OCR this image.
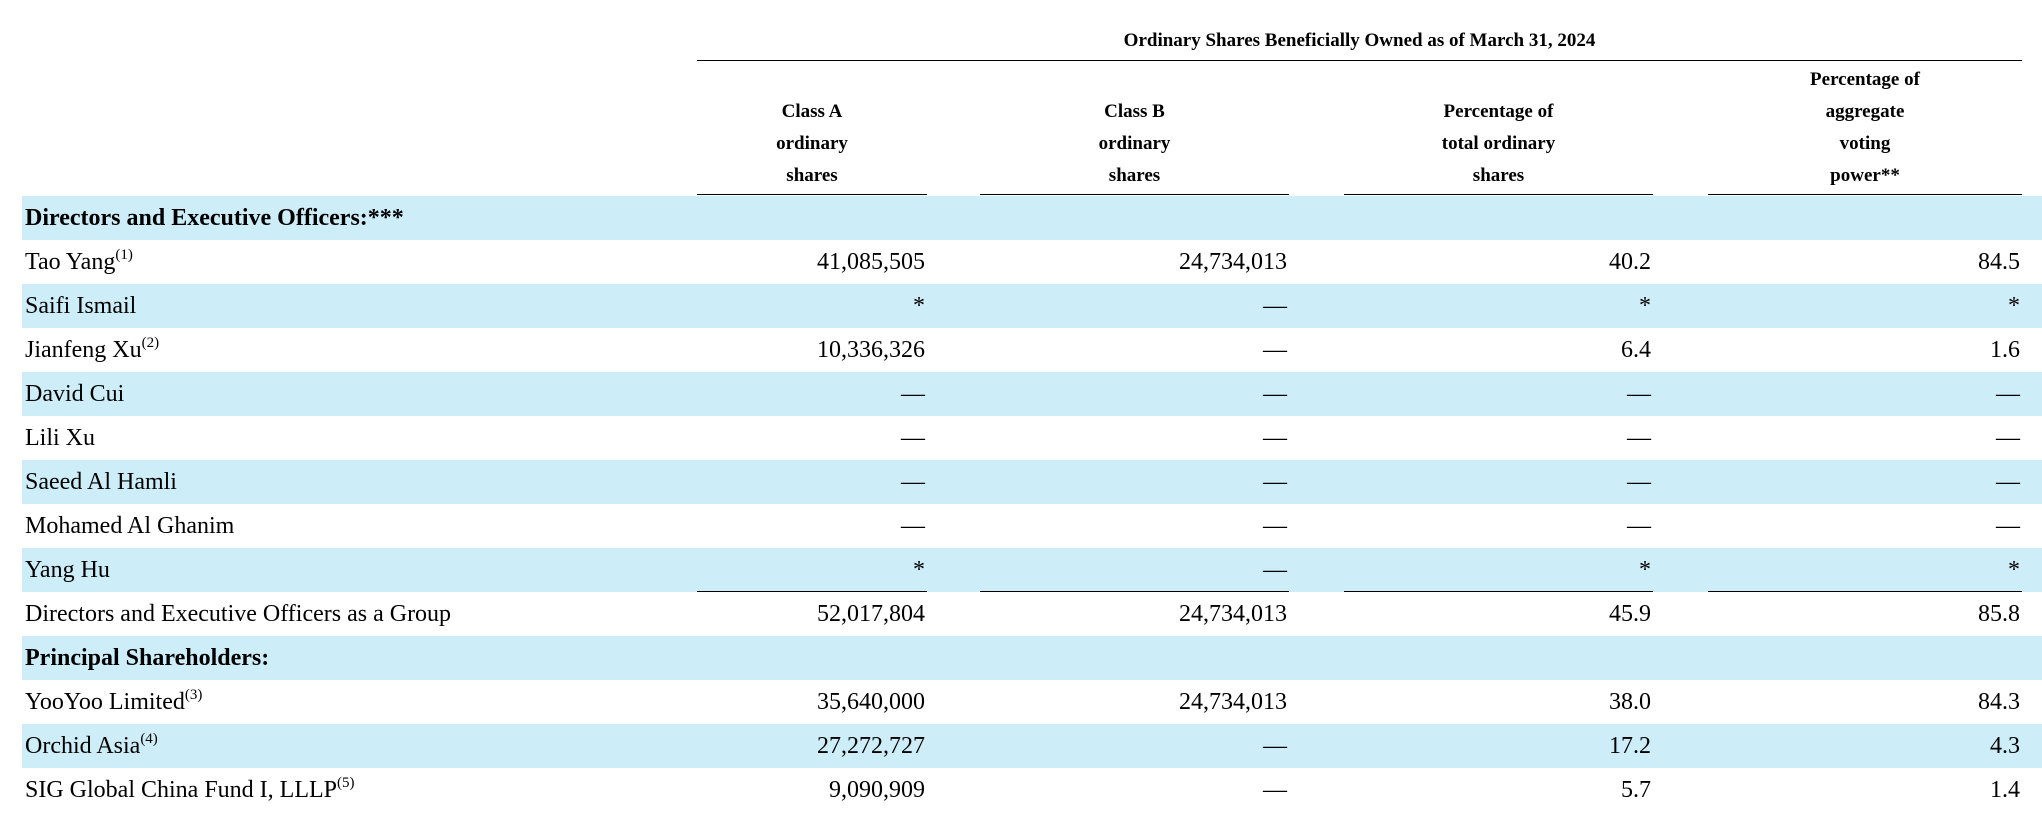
Ordinary Shares Beneficially Owned as of March 31, 2024
Class A
ordinary
shares
Class B
ordinary
shares
Percentage of
total ordinary
shares
Percentage of
aggregate
voting
power**
Directors and Executive Officers:***
Tao Yang$^{(1)}$	41,085,505	24,734,013	40.2	84.5
Saifi Ismail	*	—	*	*
Jianfeng Xu$^{(2)}$	10,336,326	—	6.4	1.6
David Cui	—	—	—	—
Lili Xu	—	—	—	—
Saeed Al Hamli	—	—	—	—
Mohamed Al Ghanim	—	—	—	—
Yang Hu	*	—	*	*
Directors and Executive Officers as a Group	52,017,804	24,734,013	45.9	85.8
Principal Shareholders:
YooYoo Limited$^{(3)}$	35,640,000	24,734,013	38.0	84.3
Orchid Asia$^{(4)}$	27,272,727	—	17.2	4.3
SIG Global China Fund I, LLLP$^{(5)}$	9,090,909	—	5.7	1.4
